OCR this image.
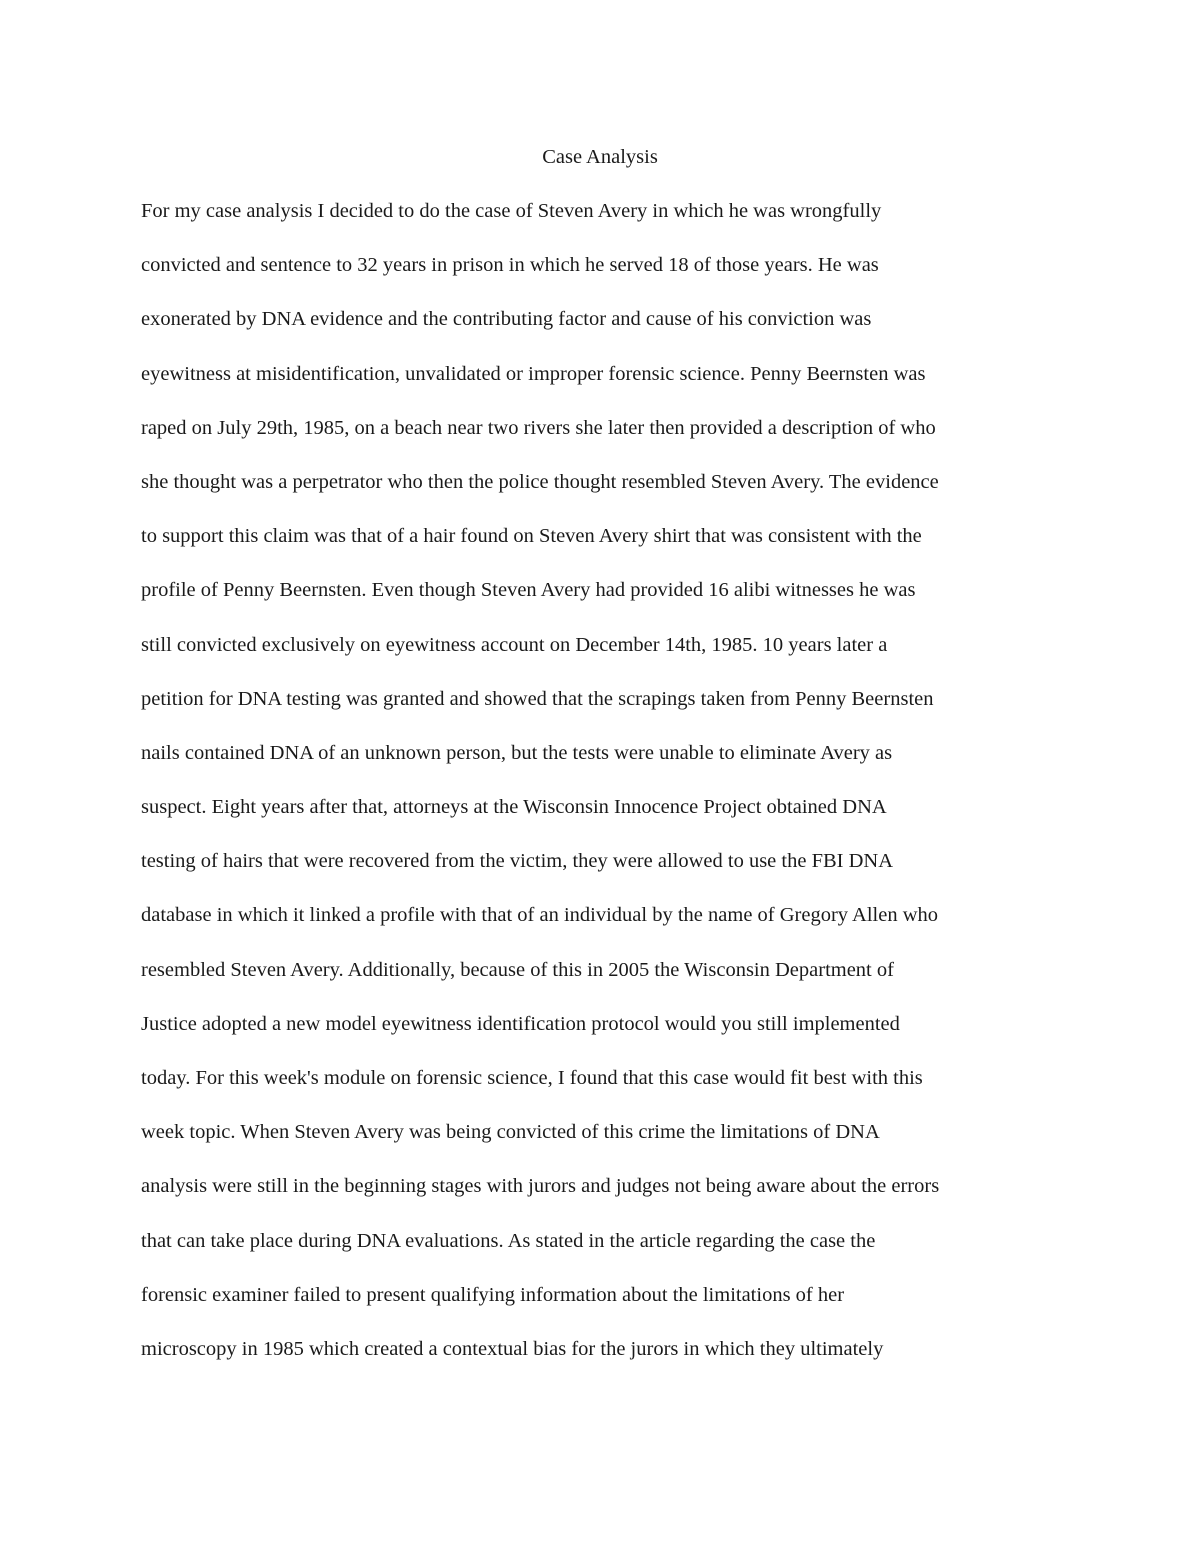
Case Analysis
For my case analysis I decided to do the case of Steven Avery in which he was wrongfully
convicted and sentence to 32 years in prison in which he served 18 of those years. He was
exonerated by DNA evidence and the contributing factor and cause of his conviction was
eyewitness at misidentification, unvalidated or improper forensic science. Penny Beernsten was
raped on July 29th, 1985, on a beach near two rivers she later then provided a description of who
she thought was a perpetrator who then the police thought resembled Steven Avery. The evidence
to support this claim was that of a hair found on Steven Avery shirt that was consistent with the
profile of Penny Beernsten. Even though Steven Avery had provided 16 alibi witnesses he was
still convicted exclusively on eyewitness account on December 14th, 1985. 10 years later a
petition for DNA testing was granted and showed that the scrapings taken from Penny Beernsten
nails contained DNA of an unknown person, but the tests were unable to eliminate Avery as
suspect. Eight years after that, attorneys at the Wisconsin Innocence Project obtained DNA
testing of hairs that were recovered from the victim, they were allowed to use the FBI DNA
database in which it linked a profile with that of an individual by the name of Gregory Allen who
resembled Steven Avery. Additionally, because of this in 2005 the Wisconsin Department of
Justice adopted a new model eyewitness identification protocol would you still implemented
today. For this week's module on forensic science, I found that this case would fit best with this
week topic. When Steven Avery was being convicted of this crime the limitations of DNA
analysis were still in the beginning stages with jurors and judges not being aware about the errors
that can take place during DNA evaluations. As stated in the article regarding the case the
forensic examiner failed to present qualifying information about the limitations of her
microscopy in 1985 which created a contextual bias for the jurors in which they ultimately
